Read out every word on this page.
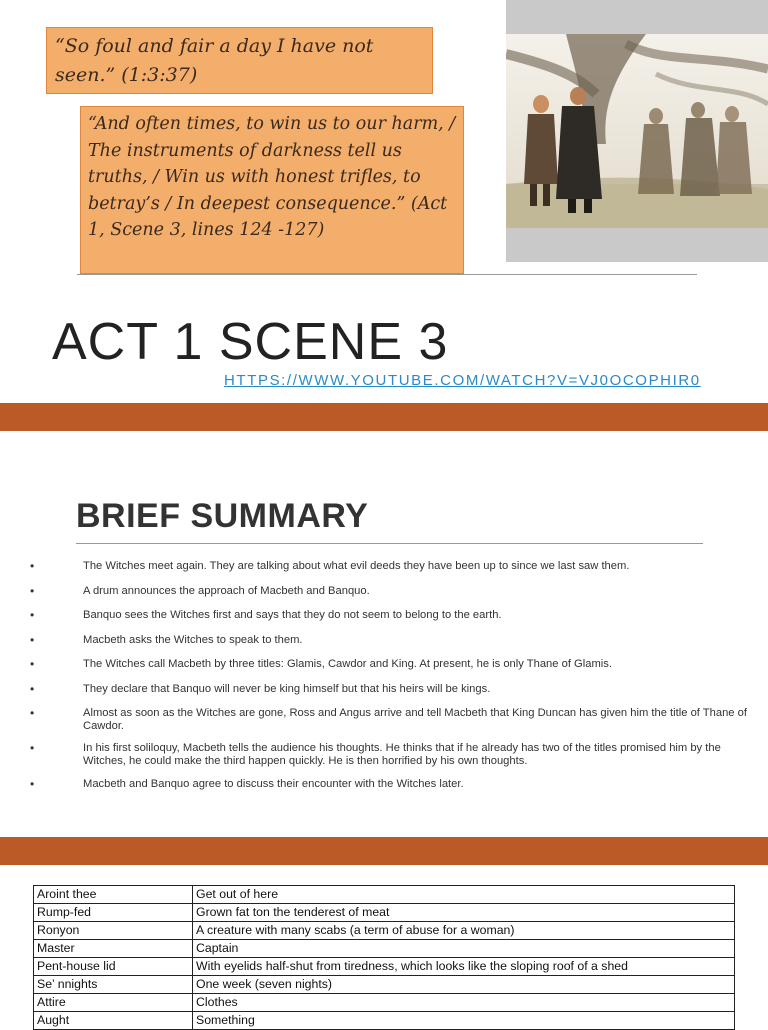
“So foul and fair a day I have not seen.” (1:3:37)
“And often times, to win us to our harm, / The instruments of darkness tell us truths, / Win us with honest trifles, to betray’s / In deepest consequence.” (Act 1, Scene 3, lines 124 -127)
ACT 1 SCENE 3
HTTPS://WWW.YOUTUBE.COM/WATCH?V=VJ0OCOPHIR0
BRIEF SUMMARY
•	The Witches meet again. They are talking about what evil deeds they have been up to since we last saw them.
•	A drum announces the approach of Macbeth and Banquo.
•	Banquo sees the Witches first and says that they do not seem to belong to the earth.
•	Macbeth asks the Witches to speak to them.
•	The Witches call Macbeth by three titles: Glamis, Cawdor and King. At present, he is only Thane of Glamis.
•	They declare that Banquo will never be king himself but that his heirs will be kings.
•	Almost as soon as the Witches are gone, Ross and Angus arrive and tell Macbeth that King Duncan has given him the title of Thane of Cawdor.
•	In his first soliloquy, Macbeth tells the audience his thoughts. He thinks that if he already has two of the titles promised him by the Witches, he could make the third happen quickly. He is then horrified by his own thoughts.
•	Macbeth and Banquo agree to discuss their encounter with the Witches later.
Aroint thee	Get out of here
Rump-fed	Grown fat ton the tenderest of meat
Ronyon	A creature with many scabs (a term of abuse for a woman)
Master	Captain
Pent-house lid	With eyelids half-shut from tiredness, which looks like the sloping roof of a shed
Se’ nnights	One week (seven nights)
Attire	Clothes
Aught	Something
